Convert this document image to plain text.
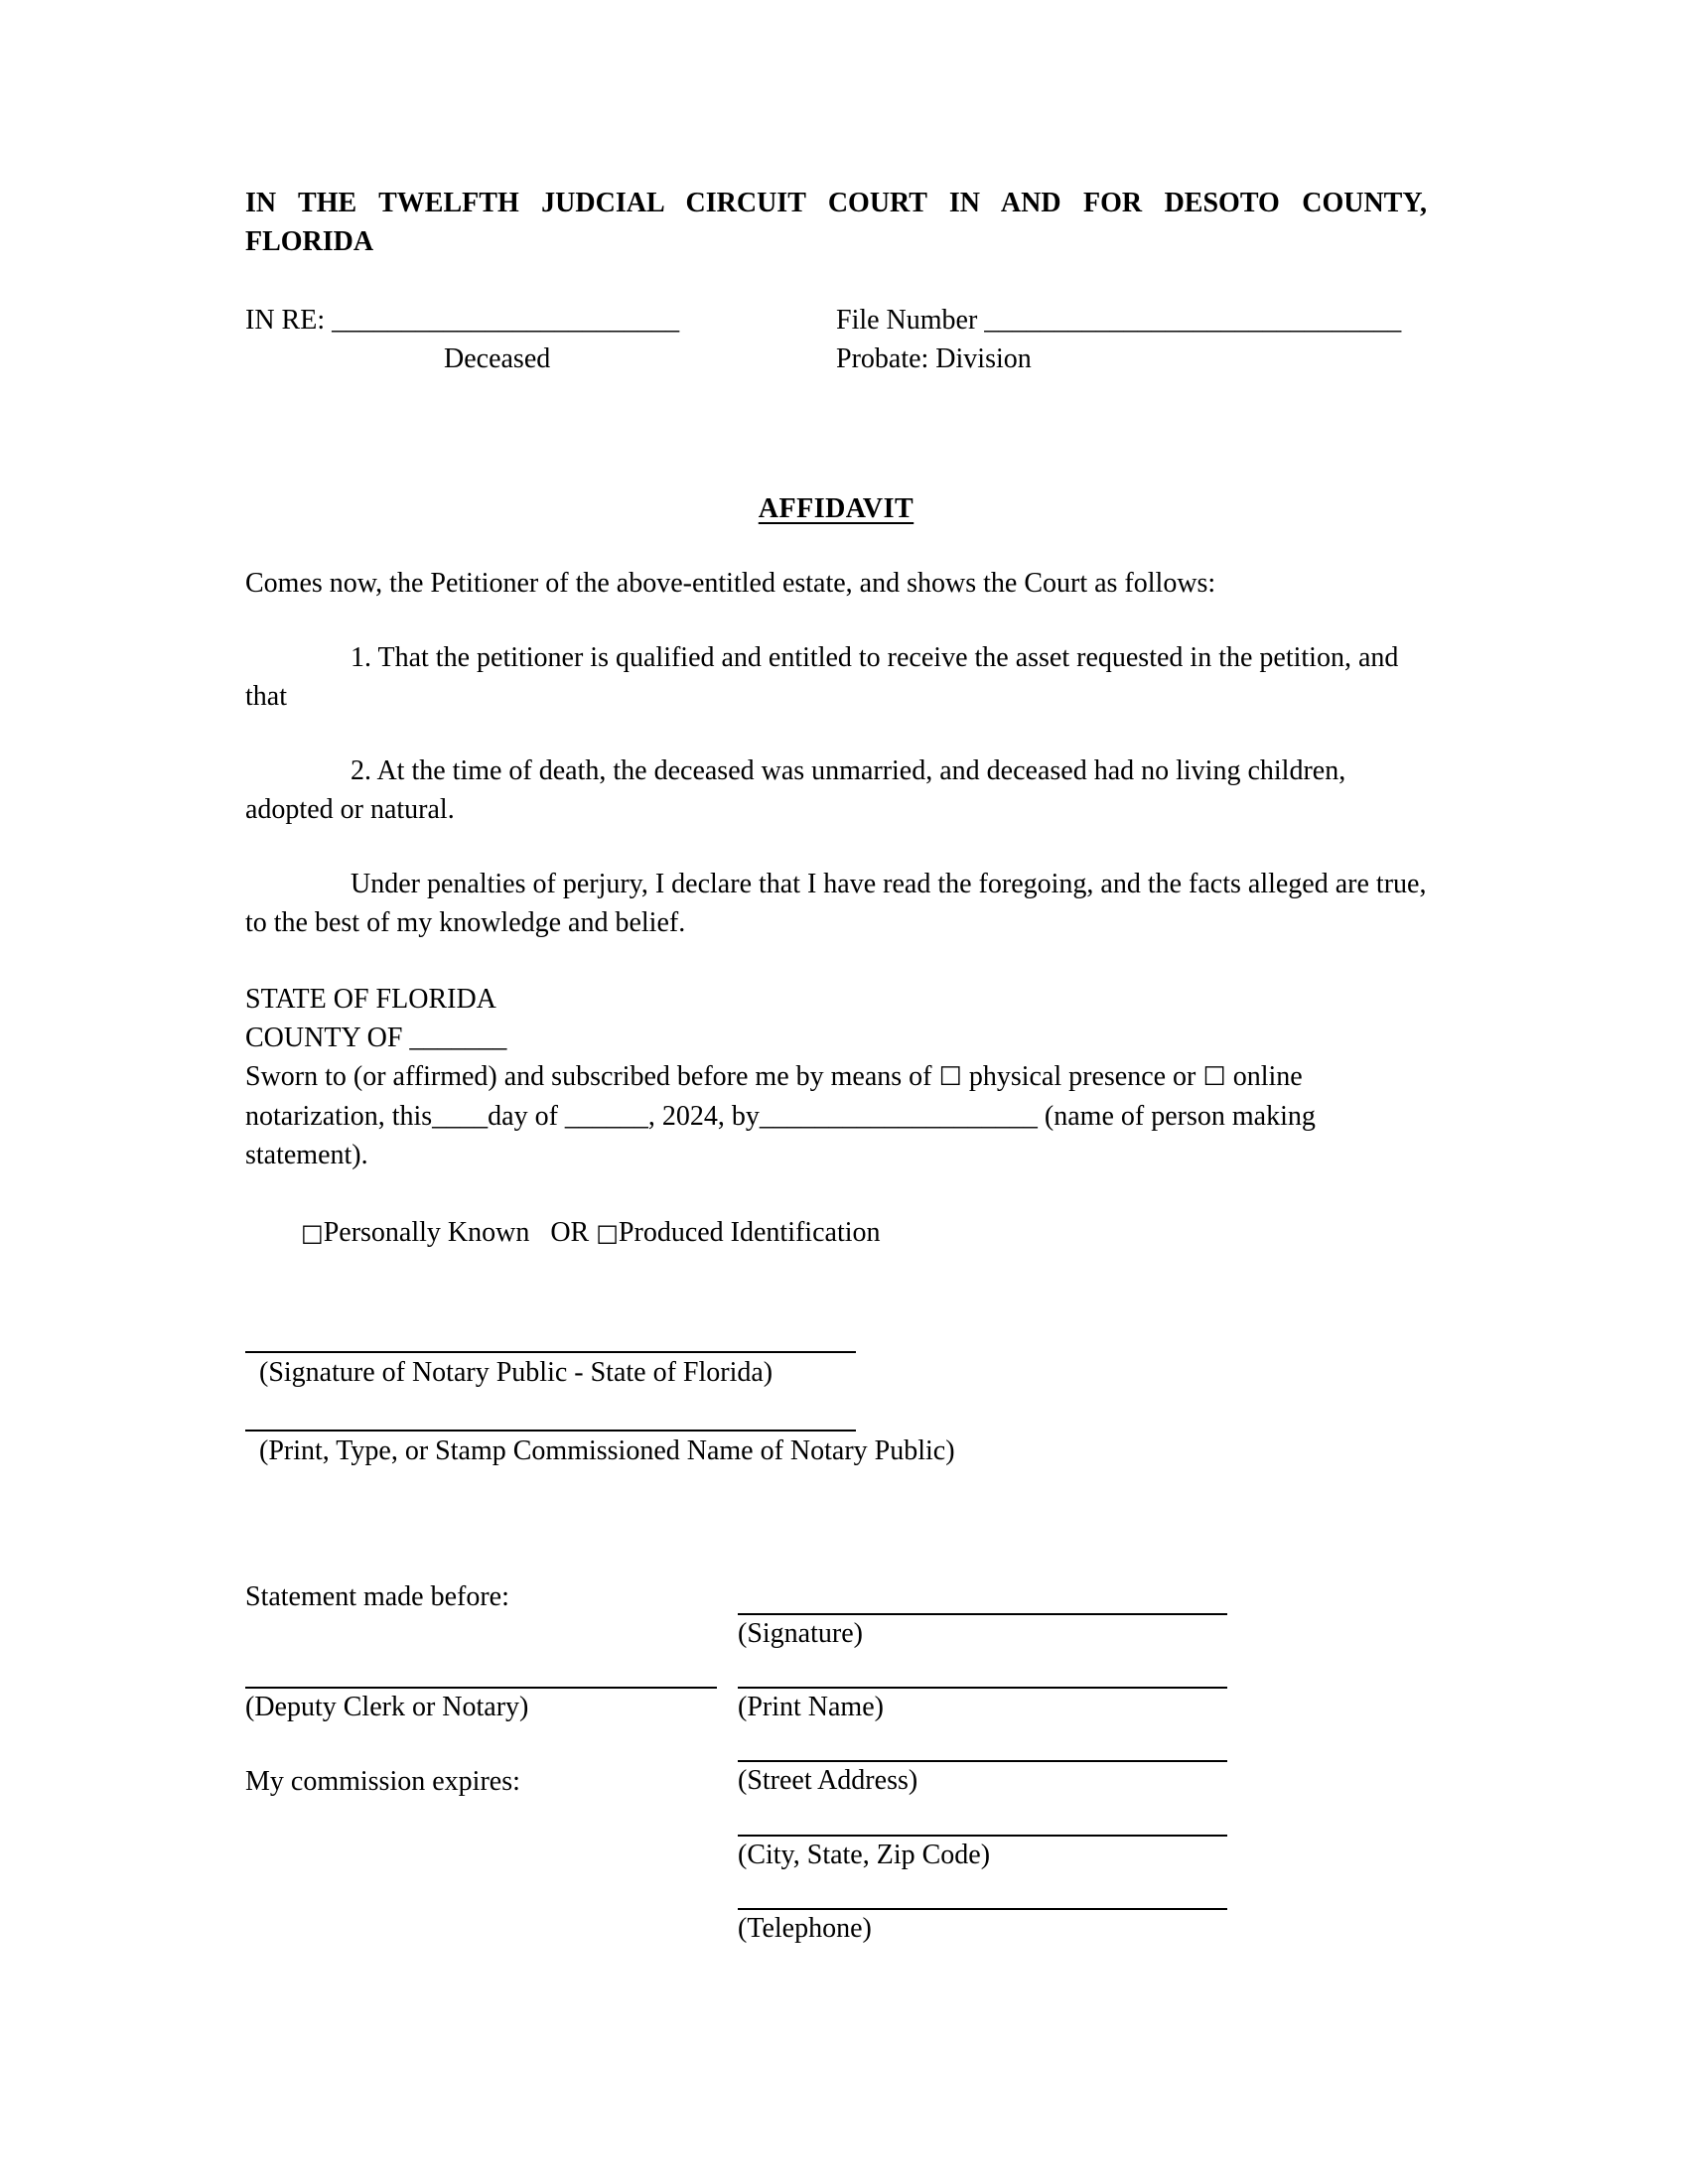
IN THE TWELFTH JUDCIAL CIRCUIT COURT IN AND FOR DESOTO COUNTY,
FLORIDA
IN RE: _________________________
Deceased
File Number ______________________________
Probate: Division
AFFIDAVIT

Comes now, the Petitioner of the above-entitled estate, and shows the Court as follows:

1. That the petitioner is qualified and entitled to receive the asset requested in the petition, and that

2. At the time of death, the deceased was unmarried, and deceased had no living children, adopted or natural.

Under penalties of perjury, I declare that I have read the foregoing, and the facts alleged are true, to the best of my knowledge and belief.

STATE OF FLORIDA
COUNTY OF _______

Sworn to (or affirmed) and subscribed before me by means of ☐ physical presence or ☐ online notarization, this____day of ______, 2024, by____________________ (name of person making statement).

□Personally Known   OR □Produced Identification

(Signature of Notary Public - State of Florida)
(Print, Type, or Stamp Commissioned Name of Notary Public)
Statement made before:
(Signature)
(Deputy Clerk or Notary)	(Print Name)
My commission expires:	(Street Address)
(City, State, Zip Code)
(Telephone)
